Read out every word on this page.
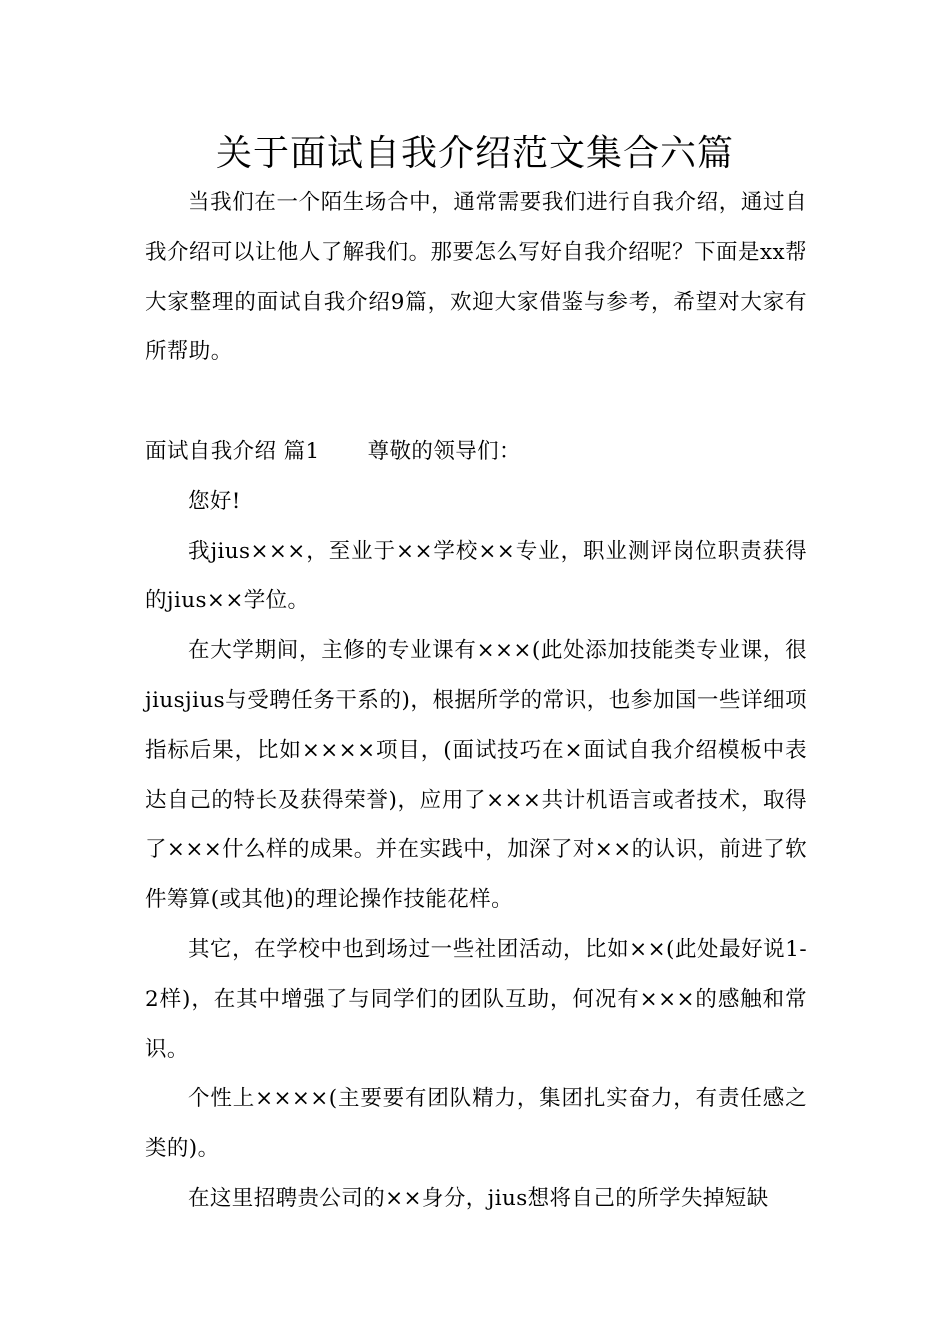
关于面试自我介绍范文集合六篇

当我们在一个陌生场合中，通常需要我们进行自我介绍，通过自我介绍可以让他人了解我们。那要怎么写好自我介绍呢？下面是xx帮大家整理的面试自我介绍9篇，欢迎大家借鉴与参考，希望对大家有所帮助。

面试自我介绍 篇1 尊敬的领导们：

您好!

我jius×××，至业于××学校××专业，职业测评岗位职责获得的jius××学位。

在大学期间，主修的专业课有×××(此处添加技能类专业课，很jiusjius与受聘任务干系的)，根据所学的常识，也参加国一些详细项指标后果，比如××××项目，(面试技巧在×面试自我介绍模板中表达自己的特长及获得荣誉)，应用了×××共计机语言或者技术，取得了×××什么样的成果。并在实践中，加深了对××的认识，前进了软件筹算(或其他)的理论操作技能花样。

其它，在学校中也到场过一些社团活动，比如××(此处最好说1-2样)，在其中增强了与同学们的团队互助，何况有×××的感触和常识。

个性上××××(主要要有团队精力，集团扎实奋力，有责任感之类的)。

在这里招聘贵公司的××身分，jius想将自己的所学失掉短缺
